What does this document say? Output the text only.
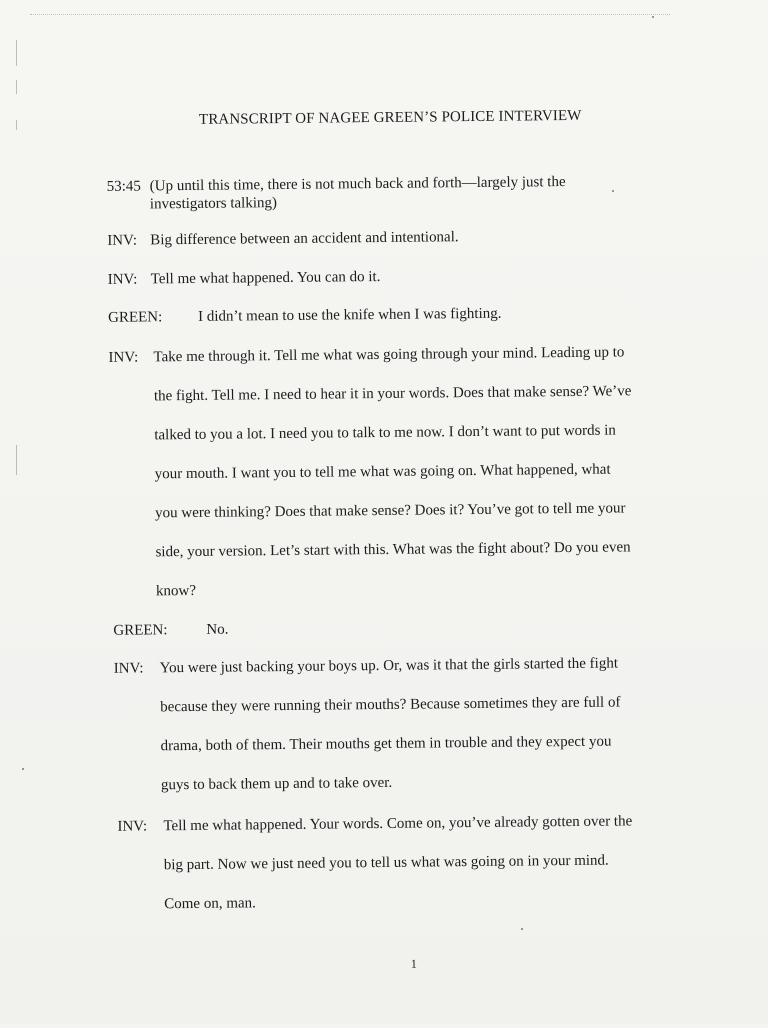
TRANSCRIPT OF NAGEE GREEN’S POLICE INTERVIEW
53:45 (Up until this time, there is not much back and forth—largely just the
investigators talking)
INV: Big difference between an accident and intentional.
INV: Tell me what happened. You can do it.
GREEN: I didn’t mean to use the knife when I was fighting.
INV: Take me through it. Tell me what was going through your mind. Leading up to
the fight. Tell me. I need to hear it in your words. Does that make sense? We’ve
talked to you a lot. I need you to talk to me now. I don’t want to put words in
your mouth. I want you to tell me what was going on. What happened, what
you were thinking? Does that make sense? Does it? You’ve got to tell me your
side, your version. Let’s start with this. What was the fight about? Do you even
know?
GREEN:	No.
INV: You were just backing your boys up. Or, was it that the girls started the fight
because they were running their mouths? Because sometimes they are full of
drama, both of them. Their mouths get them in trouble and they expect you
guys to back them up and to take over.
INV: Tell me what happened. Your words. Come on, you’ve already gotten over the
big part. Now we just need you to tell us what was going on in your mind.
Come on, man.
1
